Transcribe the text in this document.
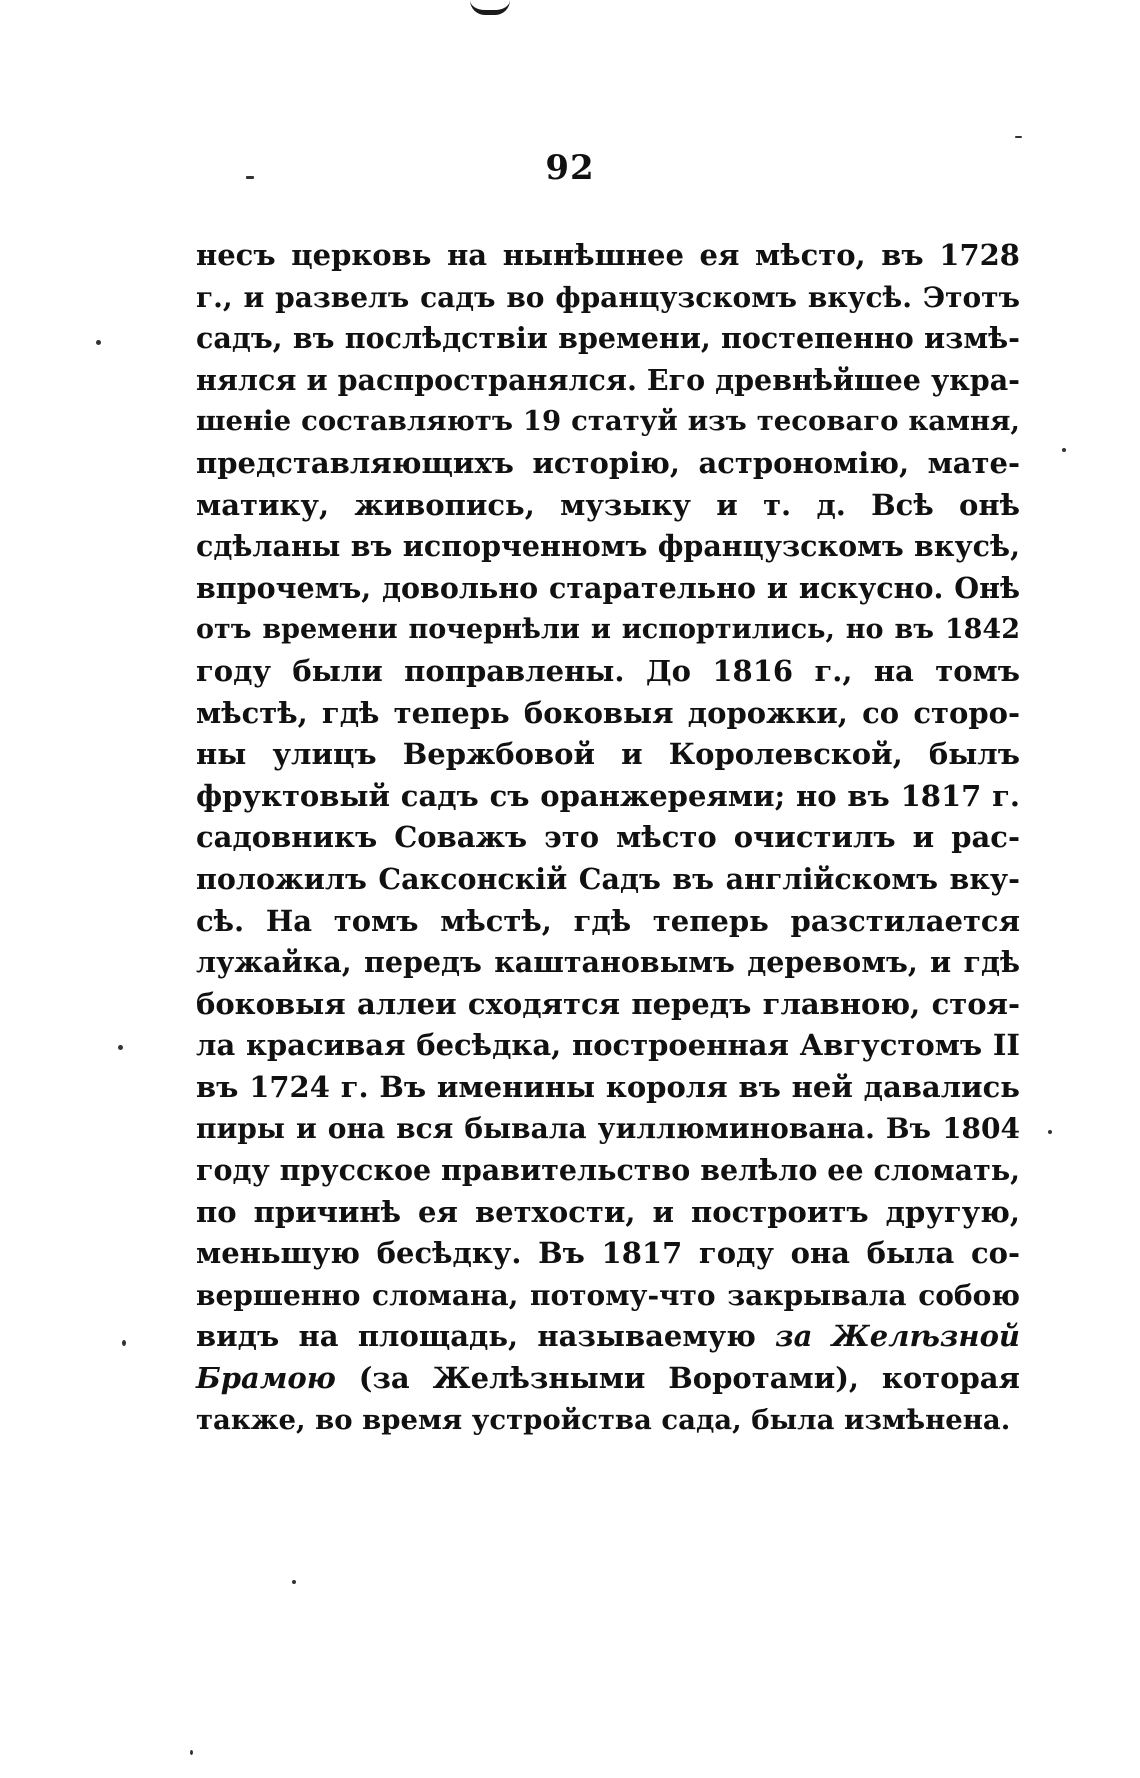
92
несъ церковь на нынѣшнее ея мѣсто, въ 1728
г., и развелъ садъ во французскомъ вкусѣ. Этотъ
садъ, въ послѣдствіи времени, постепенно измѣ-
нялся и распространялся. Его древнѣйшее укра-
шеніе составляютъ 19 статуй изъ тесоваго камня,
представляющихъ исторію, астрономію, мате-
матику, живопись, музыку и т. д. Всѣ онѣ
сдѣланы въ испорченномъ французскомъ вкусѣ,
впрочемъ, довольно старательно и искусно. Онѣ
отъ времени почернѣли и испортились, но въ 1842
году были поправлены. До 1816 г., на томъ
мѣстѣ, гдѣ теперь боковыя дорожки, со сторо-
ны улицъ Вержбовой и Королевской, былъ
фруктовый садъ съ оранжереями; но въ 1817 г.
садовникъ Соважъ это мѣсто очистилъ и рас-
положилъ Саксонскій Садъ въ англійскомъ вку-
сѣ. На томъ мѣстѣ, гдѣ теперь разстилается
лужайка, передъ каштановымъ деревомъ, и гдѣ
боковыя аллеи сходятся передъ главною, стоя-
ла красивая бесѣдка, построенная Августомъ II
въ 1724 г. Въ именины короля въ ней давались
пиры и она вся бывала уиллюминована. Въ 1804
году прусское правительство велѣло ее сломать,
по причинѣ ея ветхости, и построитъ другую,
меньшую бесѣдку. Въ 1817 году она была со-
вершенно сломана, потому-что закрывала собою
видъ на площадь, называемую за Желѣзной
Брамою (за Желѣзными Воротами), которая
также, во время устройства сада, была измѣнена.
